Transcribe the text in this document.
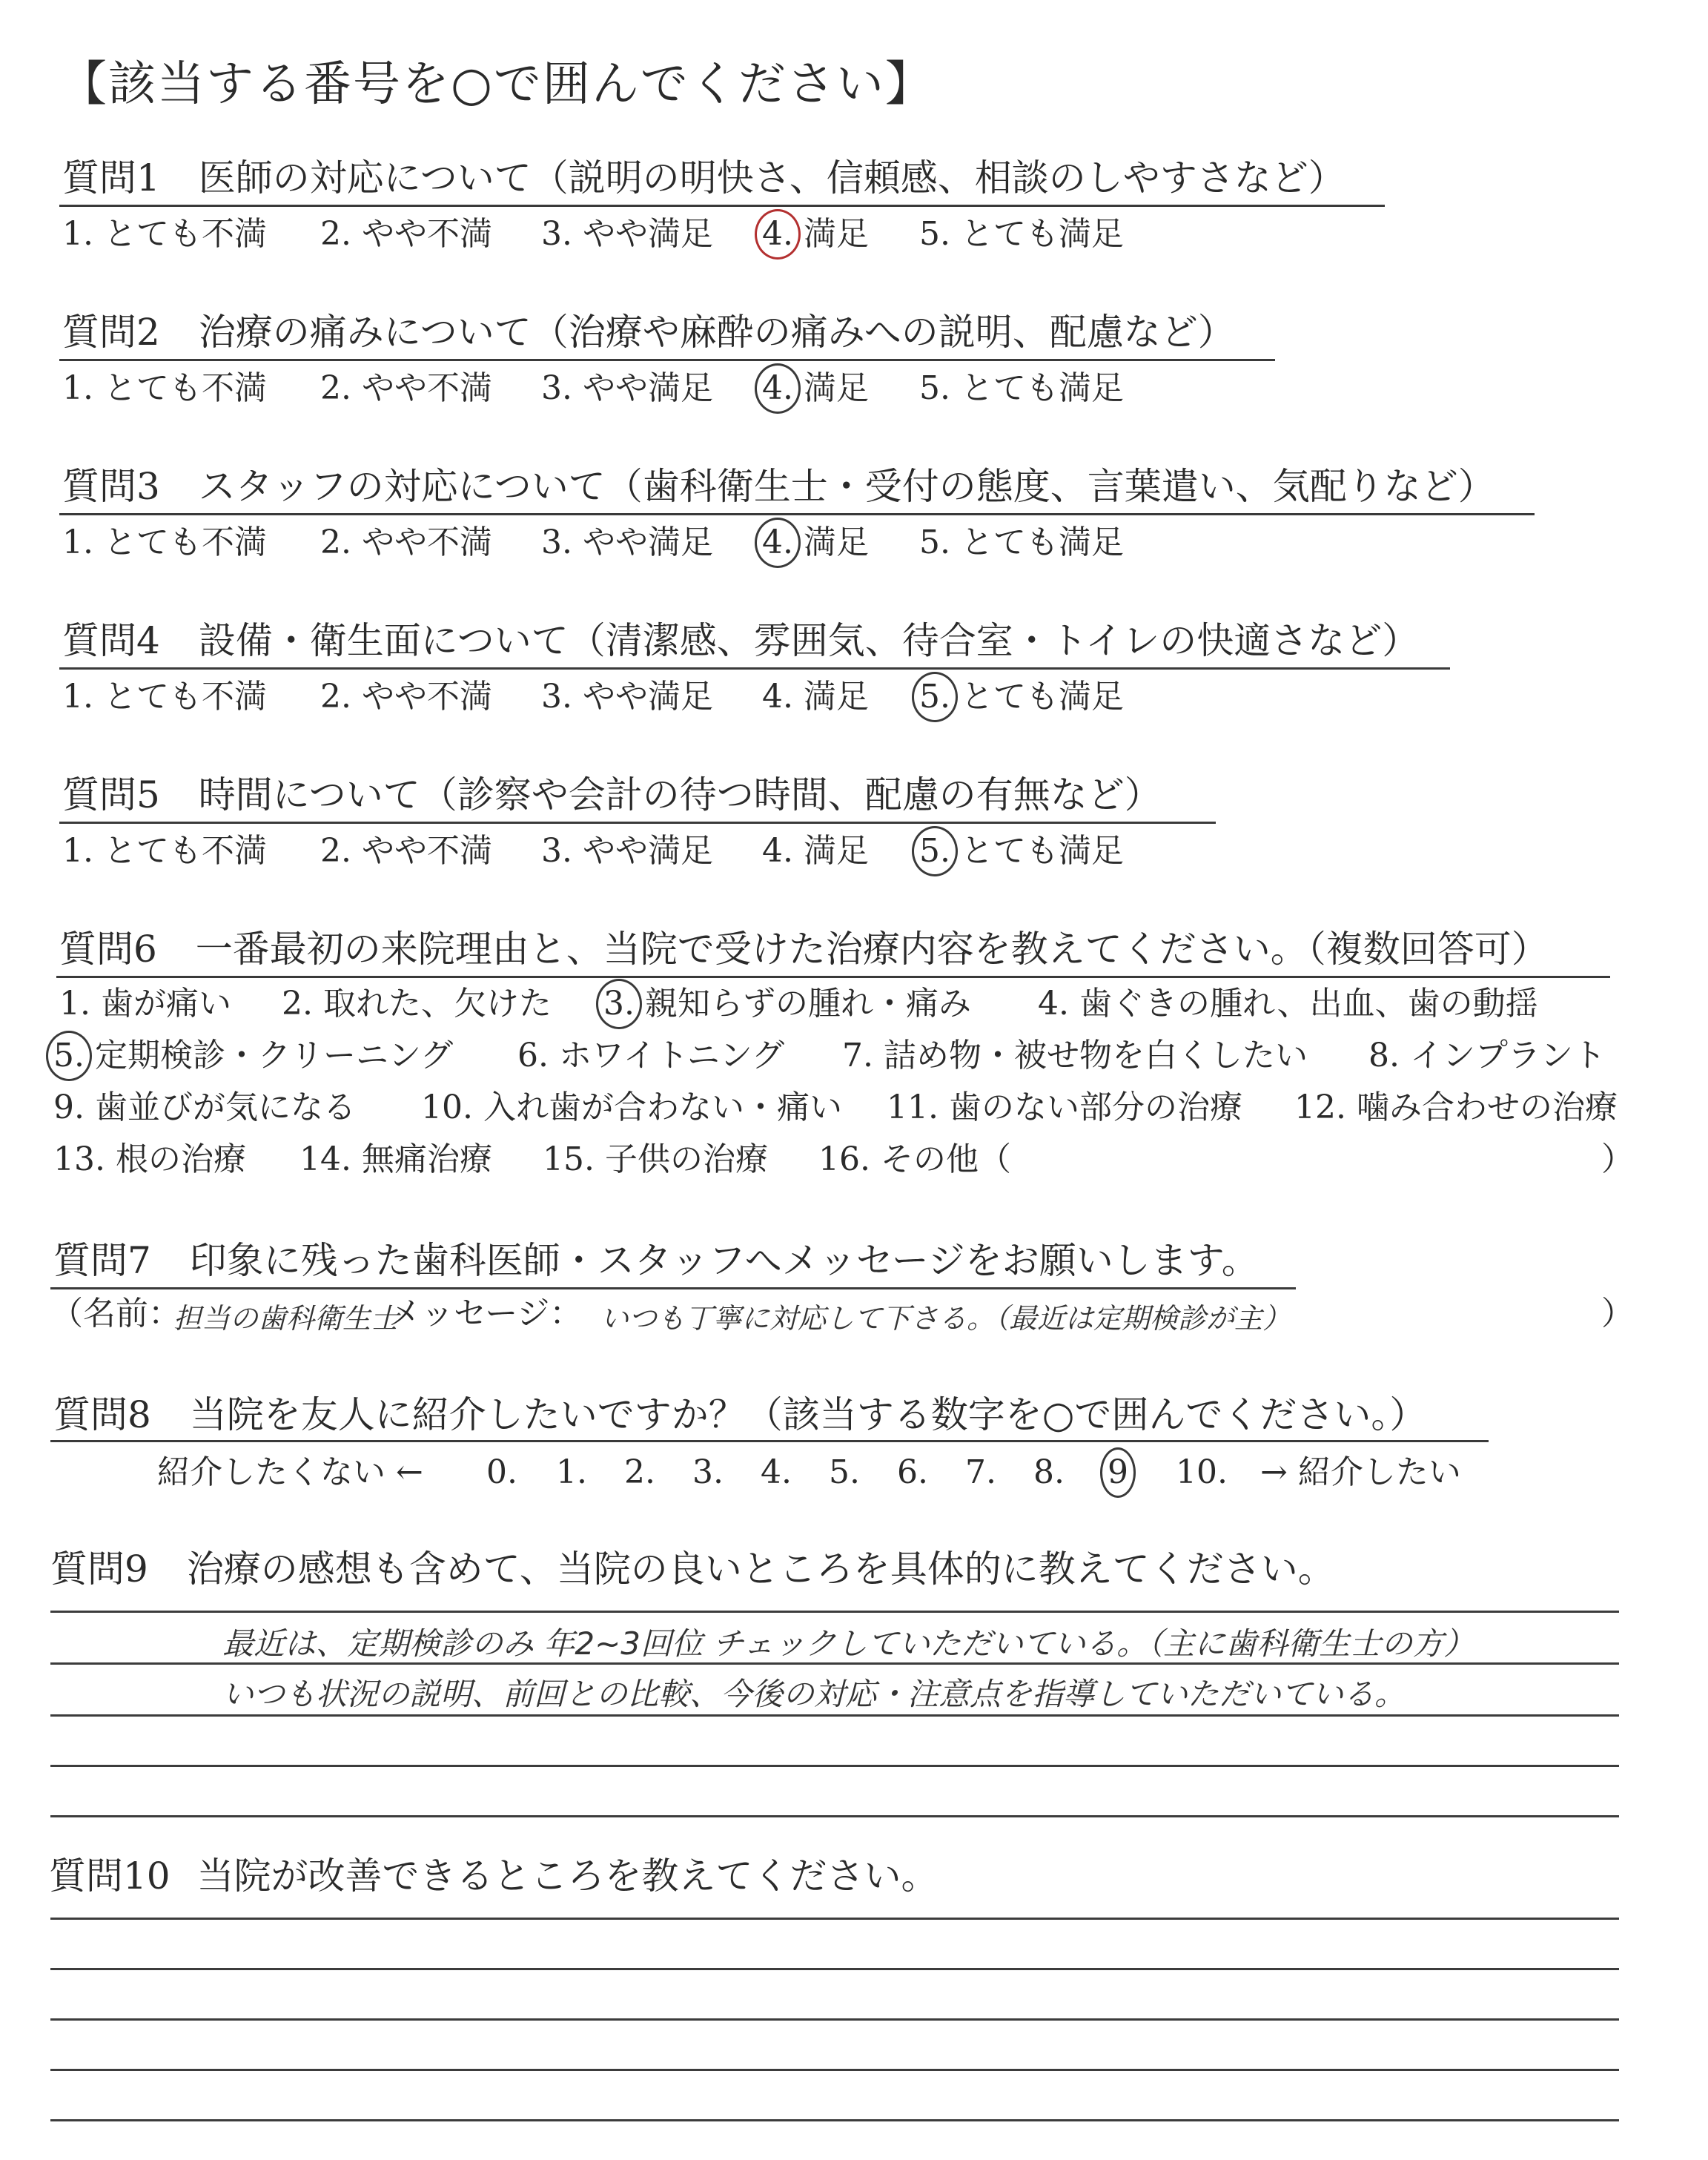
【該当する番号を○で囲んでください】
質問1 医師の対応について（説明の明快さ、信頼感、相談のしやすさなど）
1. とても不満 2. やや不満 3. やや満足 4. 満足 5. とても満足
質問2 治療の痛みについて（治療や麻酔の痛みへの説明、配慮など）
1. とても不満 2. やや不満 3. やや満足 4. 満足 5. とても満足
質問3 スタッフの対応について（歯科衛生士・受付の態度、言葉遣い、気配りなど）
1. とても不満 2. やや不満 3. やや満足 4. 満足 5. とても満足
質問4 設備・衛生面について（清潔感、雰囲気、待合室・トイレの快適さなど）
1. とても不満 2. やや不満 3. やや満足 4. 満足 5. とても満足
質問5 時間について（診察や会計の待つ時間、配慮の有無など）
1. とても不満 2. やや不満 3. やや満足 4. 満足 5. とても満足
質問6 一番最初の来院理由と、当院で受けた治療内容を教えてください。（複数回答可）
1. 歯が痛い 2. 取れた、欠けた 3. 親知らずの腫れ・痛み 4. 歯ぐきの腫れ、出血、歯の動揺
5. 定期検診・クリーニング 6. ホワイトニング 7. 詰め物・被せ物を白くしたい 8. インプラント
9. 歯並びが気になる 10. 入れ歯が合わない・痛い 11. 歯のない部分の治療 12. 噛み合わせの治療
13. 根の治療 14. 無痛治療 15. 子供の治療 16. その他（	）
質問7 印象に残った歯科医師・スタッフへメッセージをお願いします。
（名前：
担当の歯科衛生士
メッセージ： いつも丁寧に対応して下さる。（最近は定期検診が主）	）
質問8 当院を友人に紹介したいですか？（該当する数字を○で囲んでください。）
紹介したくない ← 0. 1. 2. 3. 4. 5. 6. 7. 8. 9 10. → 紹介したい
質問9 治療の感想も含めて、当院の良いところを具体的に教えてください。
最近は、定期検診のみ 年2~3回位 チェックしていただいている。（主に歯科衛生士の方）
いつも状況の説明、前回との比較、今後の対応・注意点を指導していただいている。
質問10 当院が改善できるところを教えてください。
